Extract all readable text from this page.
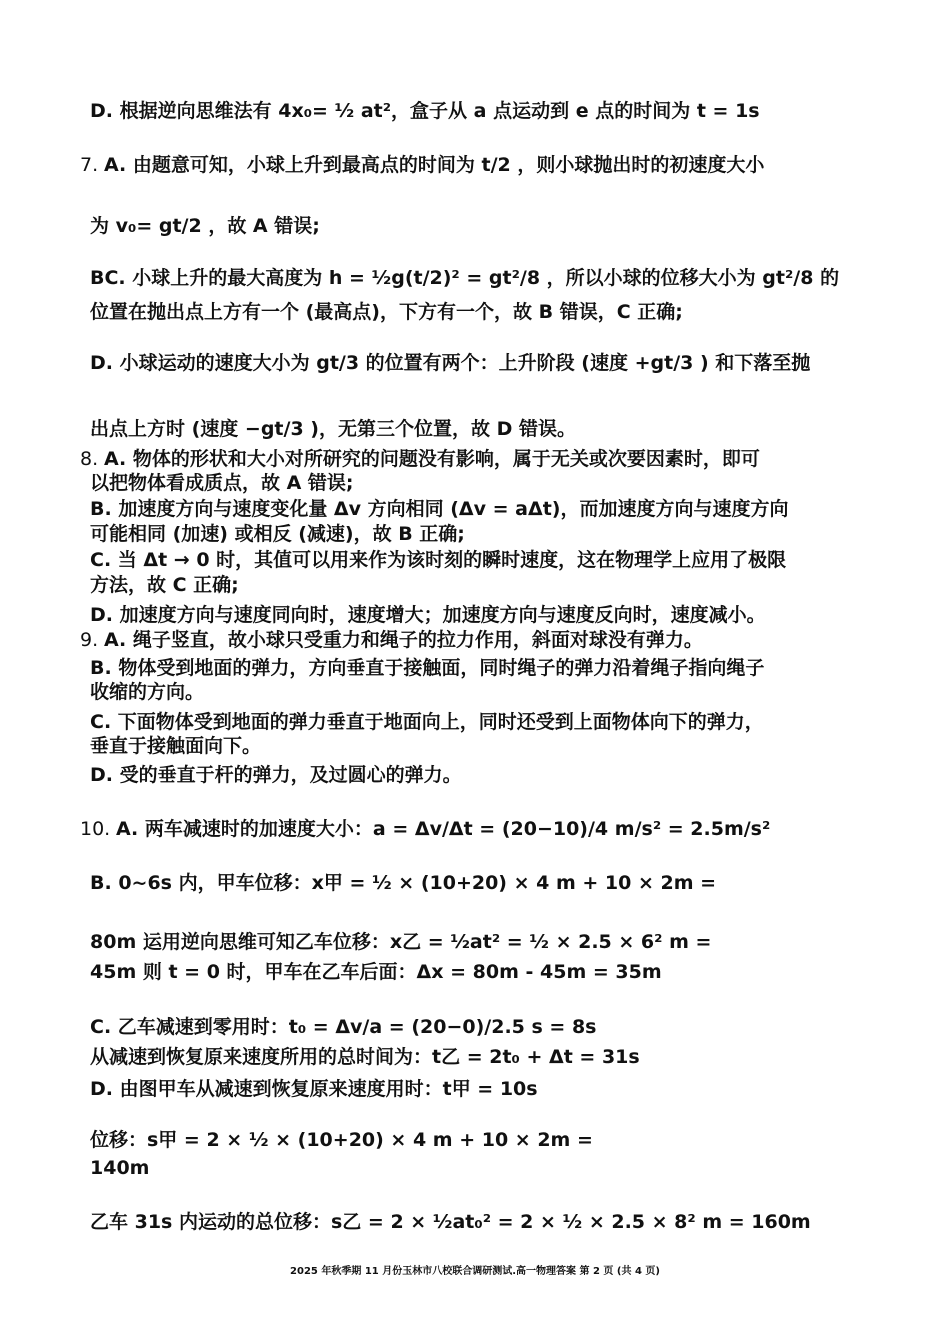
D. 根据逆向思维法有 4x₀= ½ at²，盒子从 a 点运动到 e 点的时间为 t = 1s
7. A. 由题意可知，小球上升到最高点的时间为 t/2 ，则小球抛出时的初速度大小
为 v₀= gt/2 ，故 A 错误;
BC. 小球上升的最大高度为 h = ½g(t/2)² = gt²/8 ，所以小球的位移大小为 gt²/8 的
位置在抛出点上方有一个 (最高点)，下方有一个，故 B 错误，C 正确;
D. 小球运动的速度大小为 gt/3 的位置有两个：上升阶段 (速度 +gt/3 ) 和下落至抛
出点上方时 (速度 −gt/3 )，无第三个位置，故 D 错误。
8. A. 物体的形状和大小对所研究的问题没有影响，属于无关或次要因素时，即可
以把物体看成质点，故 A 错误;
B. 加速度方向与速度变化量 Δv 方向相同 (Δv = aΔt)，而加速度方向与速度方向
可能相同 (加速) 或相反 (减速)，故 B 正确;
C. 当 Δt → 0 时，其值可以用来作为该时刻的瞬时速度，这在物理学上应用了极限
方法，故 C 正确;
D. 加速度方向与速度同向时，速度增大；加速度方向与速度反向时，速度减小。
9. A. 绳子竖直，故小球只受重力和绳子的拉力作用，斜面对球没有弹力。
B. 物体受到地面的弹力，方向垂直于接触面，同时绳子的弹力沿着绳子指向绳子
收缩的方向。
C. 下面物体受到地面的弹力垂直于地面向上，同时还受到上面物体向下的弹力，
垂直于接触面向下。
D. 受的垂直于杆的弹力，及过圆心的弹力。
10. A. 两车减速时的加速度大小：a = Δv/Δt = (20−10)/4 m/s² = 2.5m/s²
B. 0~6s 内，甲车位移：x甲 = ½ × (10+20) × 4 m + 10 × 2m =
80m 运用逆向思维可知乙车位移：x乙 = ½at² = ½ × 2.5 × 6² m =
45m 则 t = 0 时，甲车在乙车后面：Δx = 80m - 45m = 35m
C. 乙车减速到零用时：t₀ = Δv/a = (20−0)/2.5 s = 8s
从减速到恢复原来速度所用的总时间为：t乙 = 2t₀ + Δt = 31s
D. 由图甲车从减速到恢复原来速度用时：t甲 = 10s
位移：s甲 = 2 × ½ × (10+20) × 4 m + 10 × 2m =
140m
乙车 31s 内运动的总位移：s乙 = 2 × ½at₀² = 2 × ½ × 2.5 × 8² m = 160m
2025 年秋季期 11 月份玉林市八校联合调研测试.高一物理答案 第 2 页 (共 4 页)
